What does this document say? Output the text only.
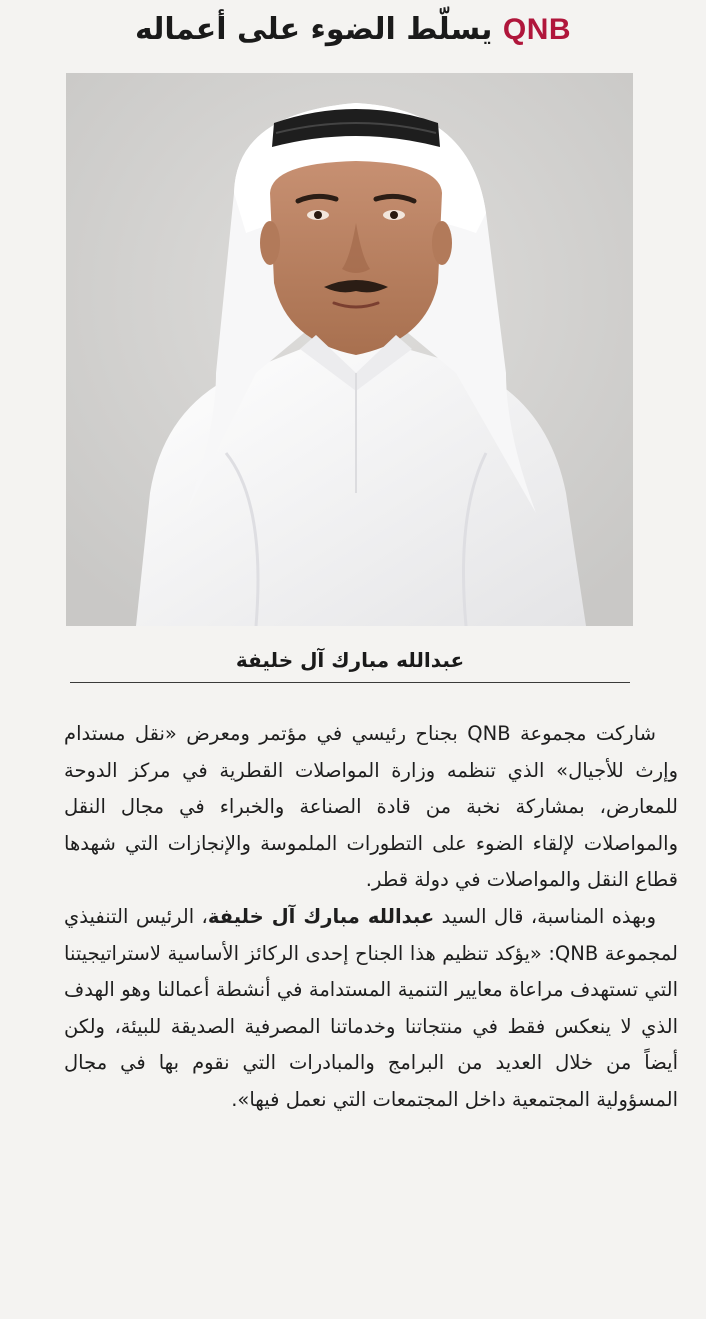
QNB يسلّط الضوء على أعماله
عبدالله مبارك آل خليفة

شاركت مجموعة QNB بجناح رئيسي في مؤتمر ومعرض «نقل مستدام وإرث للأجيال» الذي تنظمه وزارة المواصلات القطرية في مركز الدوحة للمعارض، بمشاركة نخبة من قادة الصناعة والخبراء في مجال النقل والمواصلات لإلقاء الضوء على التطورات الملموسة والإنجازات التي شهدها قطاع النقل والمواصلات في دولة قطر.

وبهذه المناسبة، قال السيد عبدالله مبارك آل خليفة، الرئيس التنفيذي لمجموعة QNB: «يؤكد تنظيم هذا الجناح إحدى الركائز الأساسية لاستراتيجيتنا التي تستهدف مراعاة معايير التنمية المستدامة في أنشطة أعمالنا وهو الهدف الذي لا ينعكس فقط في منتجاتنا وخدماتنا المصرفية الصديقة للبيئة، ولكن أيضاً من خلال العديد من البرامج والمبادرات التي نقوم بها في مجال المسؤولية المجتمعية داخل المجتمعات التي نعمل فيها».
